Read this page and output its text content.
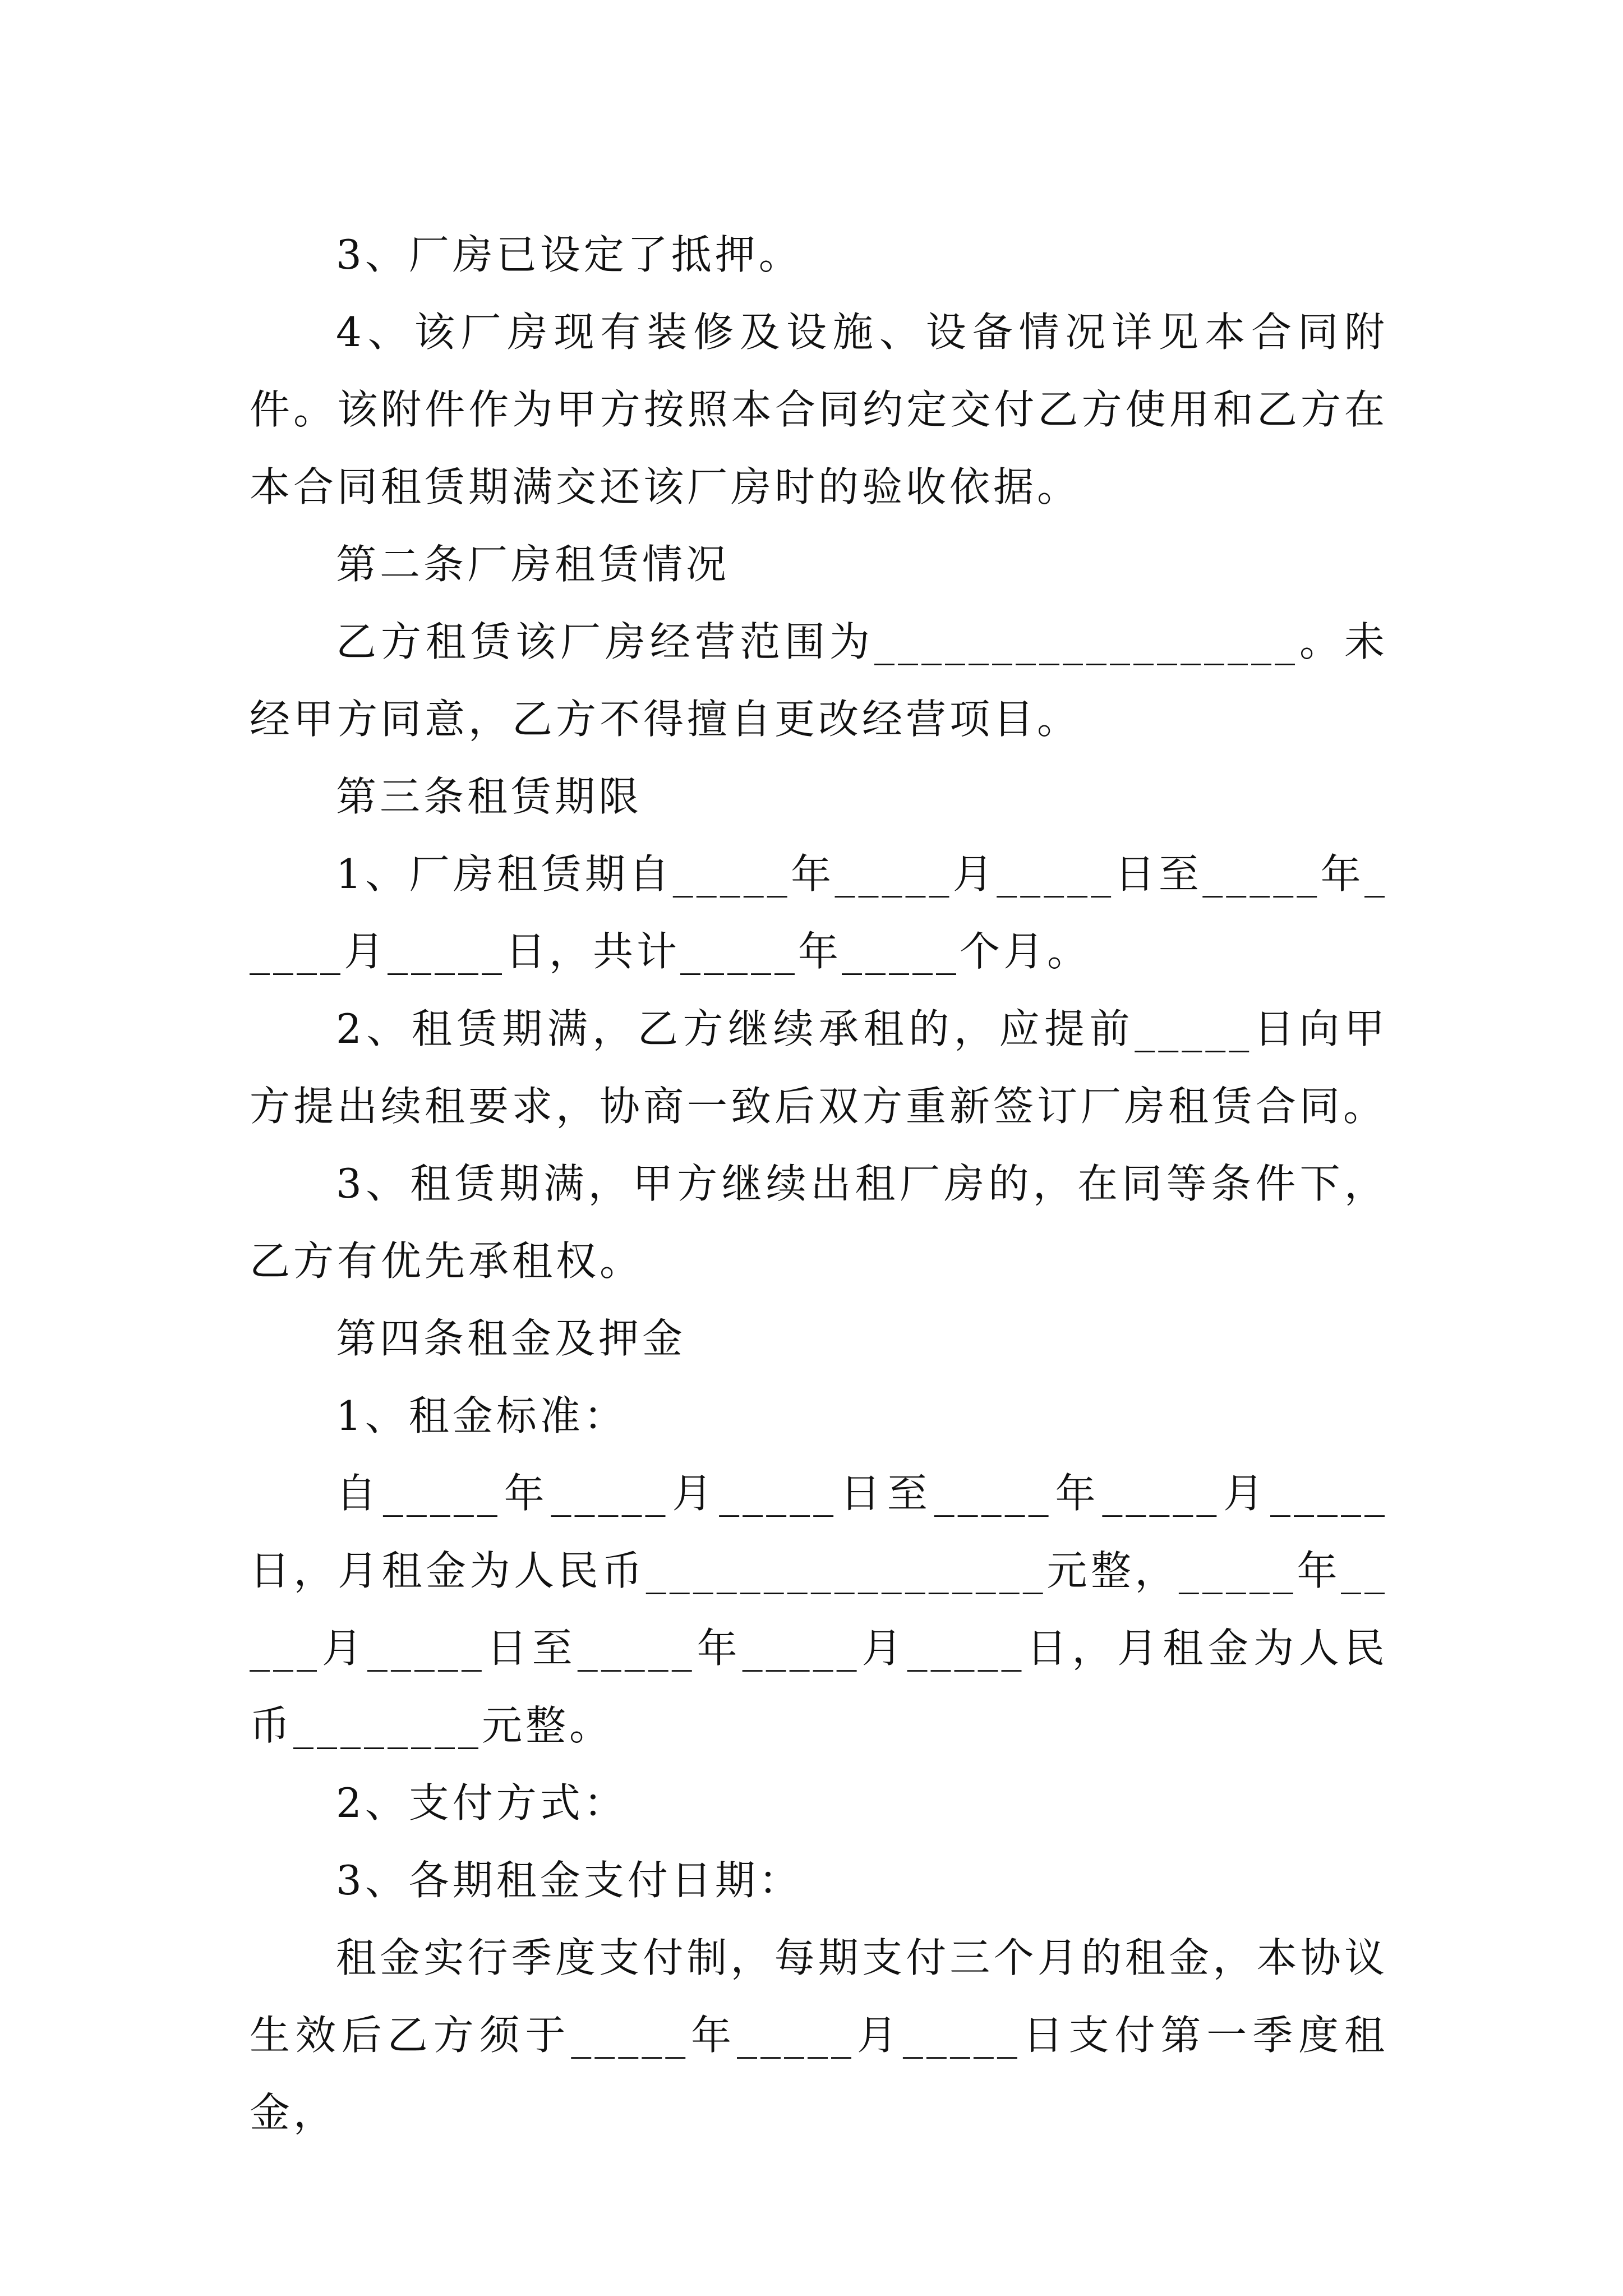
3、厂房已设定了抵押。

4、该厂房现有装修及设施、设备情况详见本合同附件。该附件作为甲方按照本合同约定交付乙方使用和乙方在本合同租赁期满交还该厂房时的验收依据。

第二条厂房租赁情况

乙方租赁该厂房经营范围为__________________。未经甲方同意，乙方不得擅自更改经营项目。

第三条租赁期限

1、厂房租赁期自_____年_____月_____日至_____年_____月_____日，共计_____年_____个月。

2、租赁期满，乙方继续承租的，应提前_____日向甲方提出续租要求，协商一致后双方重新签订厂房租赁合同。

3、租赁期满，甲方继续出租厂房的，在同等条件下，乙方有优先承租权。

第四条租金及押金

1、租金标准：

自_____年_____月_____日至_____年_____月_____日，月租金为人民币_________________元整，_____年_____月_____日至_____年_____月_____日，月租金为人民币________元整。

2、支付方式：

3、各期租金支付日期：

租金实行季度支付制，每期支付三个月的租金，本协议生效后乙方须于_____年_____月_____日支付第一季度租金，
